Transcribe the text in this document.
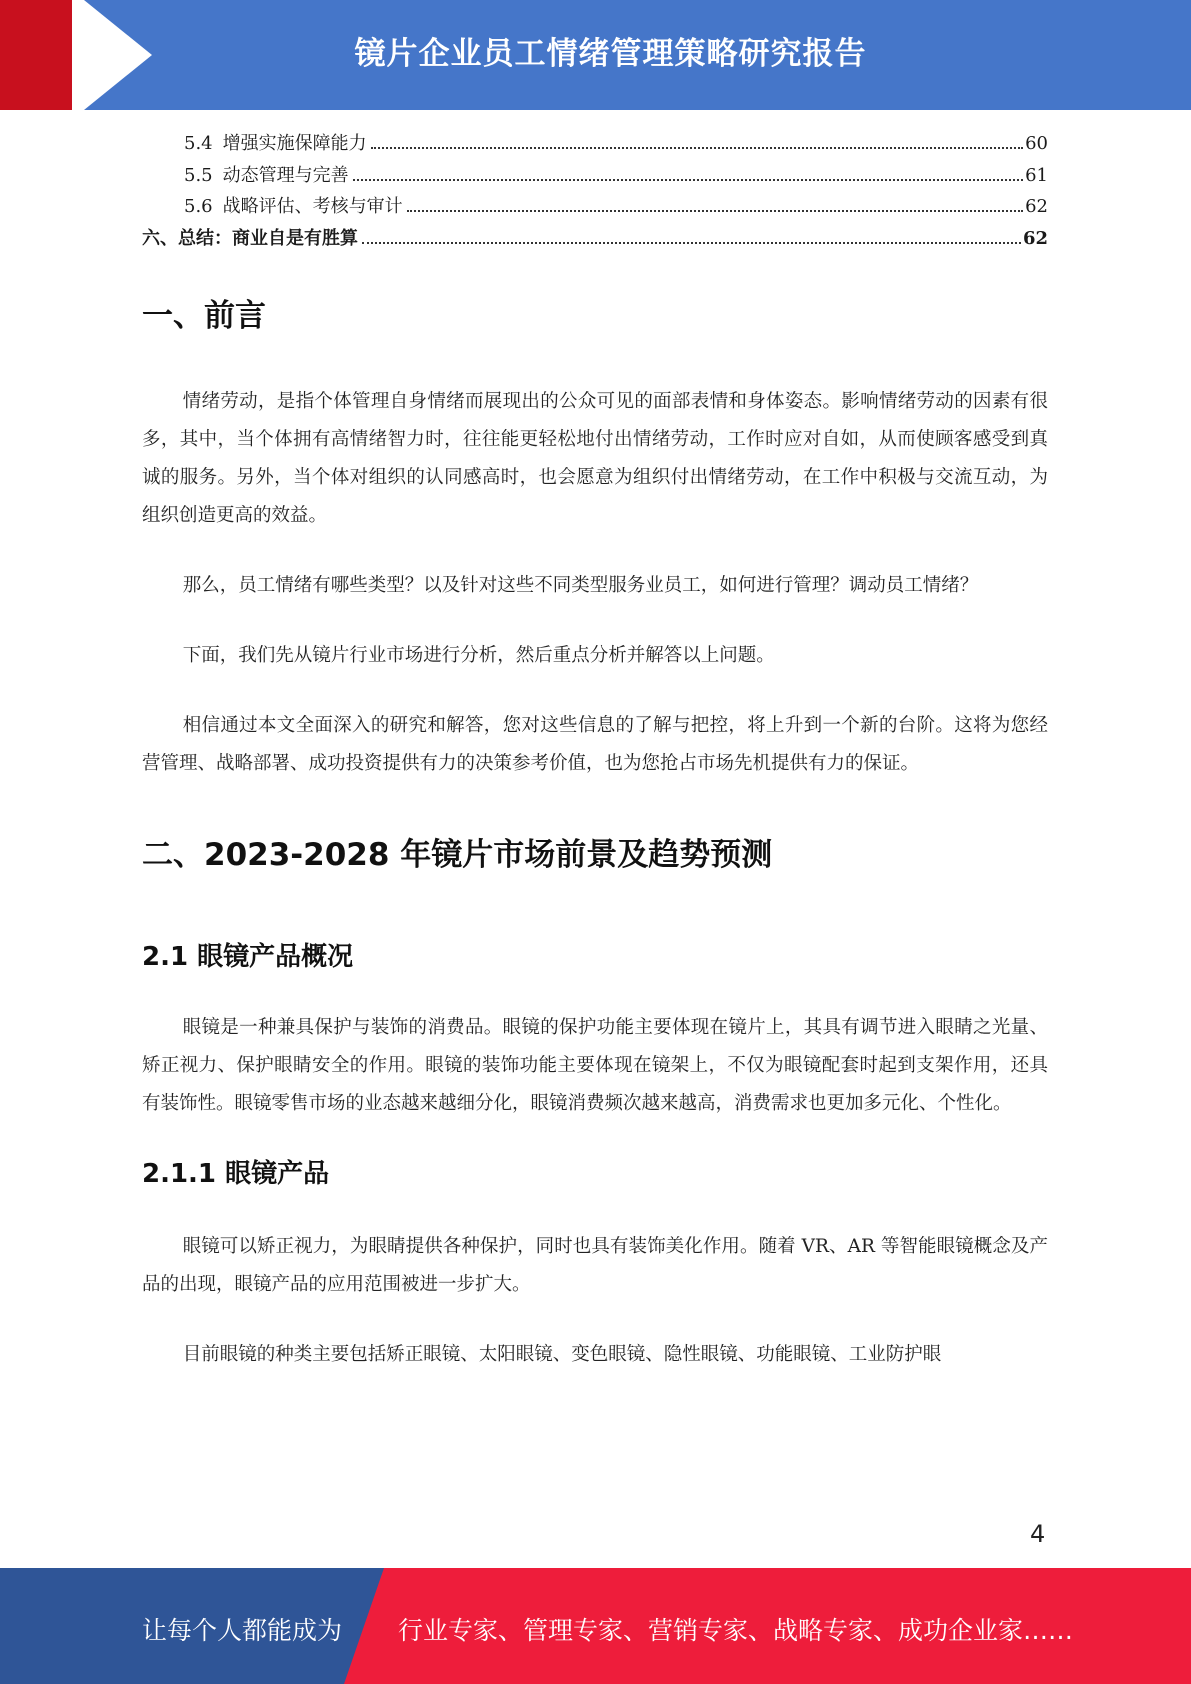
镜片企业员工情绪管理策略研究报告
5.4 增强实施保障能力	60
5.5 动态管理与完善	61
5.6 战略评估、考核与审计	62
六、总结：商业自是有胜算	62
一、前言

情绪劳动，是指个体管理自身情绪而展现出的公众可见的面部表情和身体姿态。影响情绪劳动的因素有很多，其中，当个体拥有高情绪智力时，往往能更轻松地付出情绪劳动，工作时应对自如，从而使顾客感受到真诚的服务。另外，当个体对组织的认同感高时，也会愿意为组织付出情绪劳动，在工作中积极与交流互动，为组织创造更高的效益。

那么，员工情绪有哪些类型？以及针对这些不同类型服务业员工，如何进行管理？调动员工情绪？

下面，我们先从镜片行业市场进行分析，然后重点分析并解答以上问题。

相信通过本文全面深入的研究和解答，您对这些信息的了解与把控，将上升到一个新的台阶。这将为您经营管理、战略部署、成功投资提供有力的决策参考价值，也为您抢占市场先机提供有力的保证。

二、2023-2028 年镜片市场前景及趋势预测
2.1 眼镜产品概况

眼镜是一种兼具保护与装饰的消费品。眼镜的保护功能主要体现在镜片上，其具有调节进入眼睛之光量、矫正视力、保护眼睛安全的作用。眼镜的装饰功能主要体现在镜架上，不仅为眼镜配套时起到支架作用，还具有装饰性。眼镜零售市场的业态越来越细分化，眼镜消费频次越来越高，消费需求也更加多元化、个性化。

2.1.1 眼镜产品

眼镜可以矫正视力，为眼睛提供各种保护，同时也具有装饰美化作用。随着 VR、AR 等智能眼镜概念及产品的出现，眼镜产品的应用范围被进一步扩大。

目前眼镜的种类主要包括矫正眼镜、太阳眼镜、变色眼镜、隐性眼镜、功能眼镜、工业防护眼

4
让每个人都能成为 行业专家、管理专家、营销专家、战略专家、成功企业家……
